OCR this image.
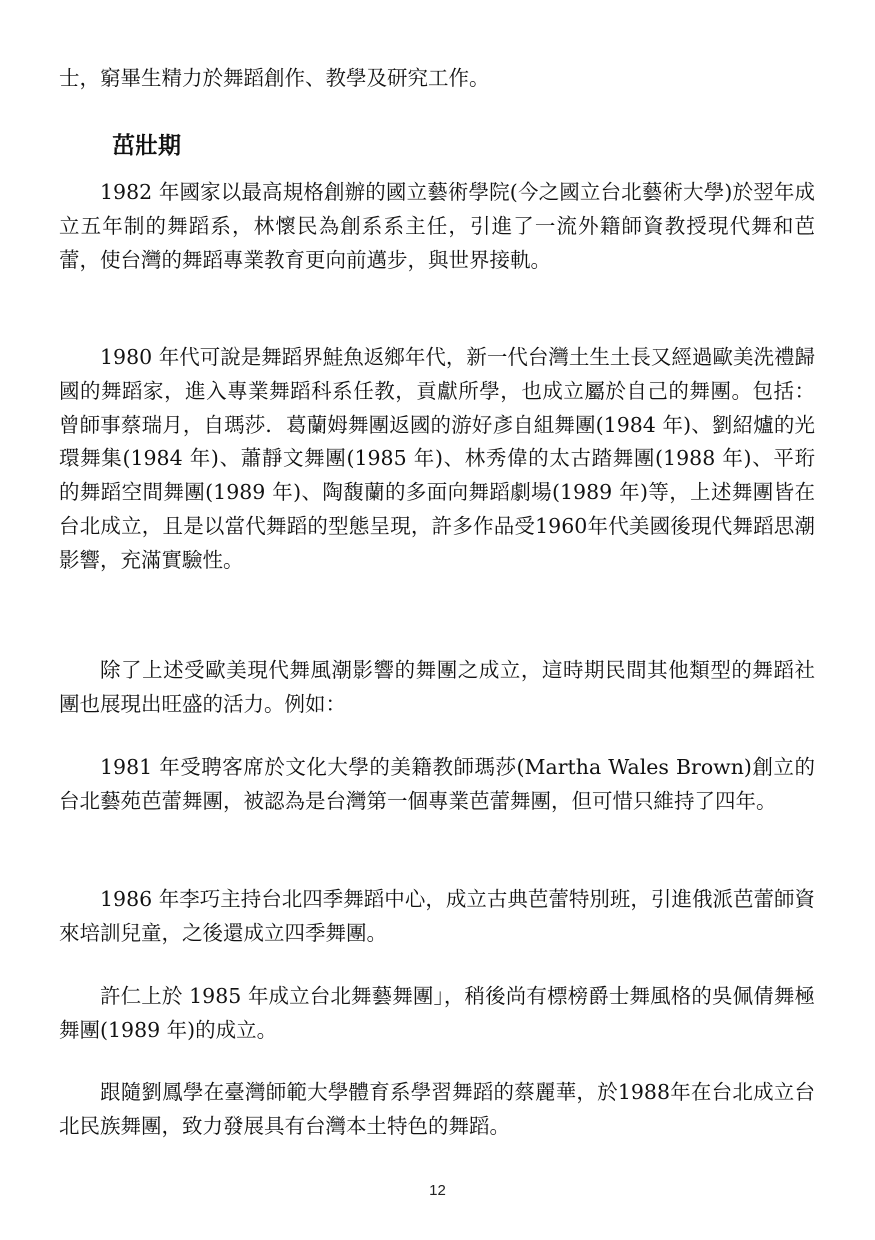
士，窮畢生精力於舞蹈創作、教學及研究工作。

茁壯期

1982 年國家以最高規格創辦的國立藝術學院(今之國立台北藝術大學)於翌年成立五年制的舞蹈系，林懷民為創系系主任，引進了一流外籍師資教授現代舞和芭蕾，使台灣的舞蹈專業教育更向前邁步，與世界接軌。

1980 年代可說是舞蹈界鮭魚返鄉年代，新一代台灣土生土長又經過歐美洗禮歸國的舞蹈家，進入專業舞蹈科系任教，貢獻所學，也成立屬於自己的舞團。包括：曾師事蔡瑞月，自瑪莎．葛蘭姆舞團返國的游好彥自組舞團(1984 年)、劉紹爐的光環舞集(1984 年)、蕭靜文舞團(1985 年)、林秀偉的太古踏舞團(1988 年)、平珩的舞蹈空間舞團(1989 年)、陶馥蘭的多面向舞蹈劇場(1989 年)等，上述舞團皆在台北成立，且是以當代舞蹈的型態呈現，許多作品受1960年代美國後現代舞蹈思潮影響，充滿實驗性。

除了上述受歐美現代舞風潮影響的舞團之成立，這時期民間其他類型的舞蹈社團也展現出旺盛的活力。例如：

1981 年受聘客席於文化大學的美籍教師瑪莎(Martha Wales Brown)創立的台北藝苑芭蕾舞團，被認為是台灣第一個專業芭蕾舞團，但可惜只維持了四年。

1986 年李巧主持台北四季舞蹈中心，成立古典芭蕾特別班，引進俄派芭蕾師資來培訓兒童，之後還成立四季舞團。

許仁上於 1985 年成立台北舞藝舞團」，稍後尚有標榜爵士舞風格的吳佩倩舞極舞團(1989 年)的成立。

跟隨劉鳳學在臺灣師範大學體育系學習舞蹈的蔡麗華，於1988年在台北成立台北民族舞團，致力發展具有台灣本土特色的舞蹈。

12
